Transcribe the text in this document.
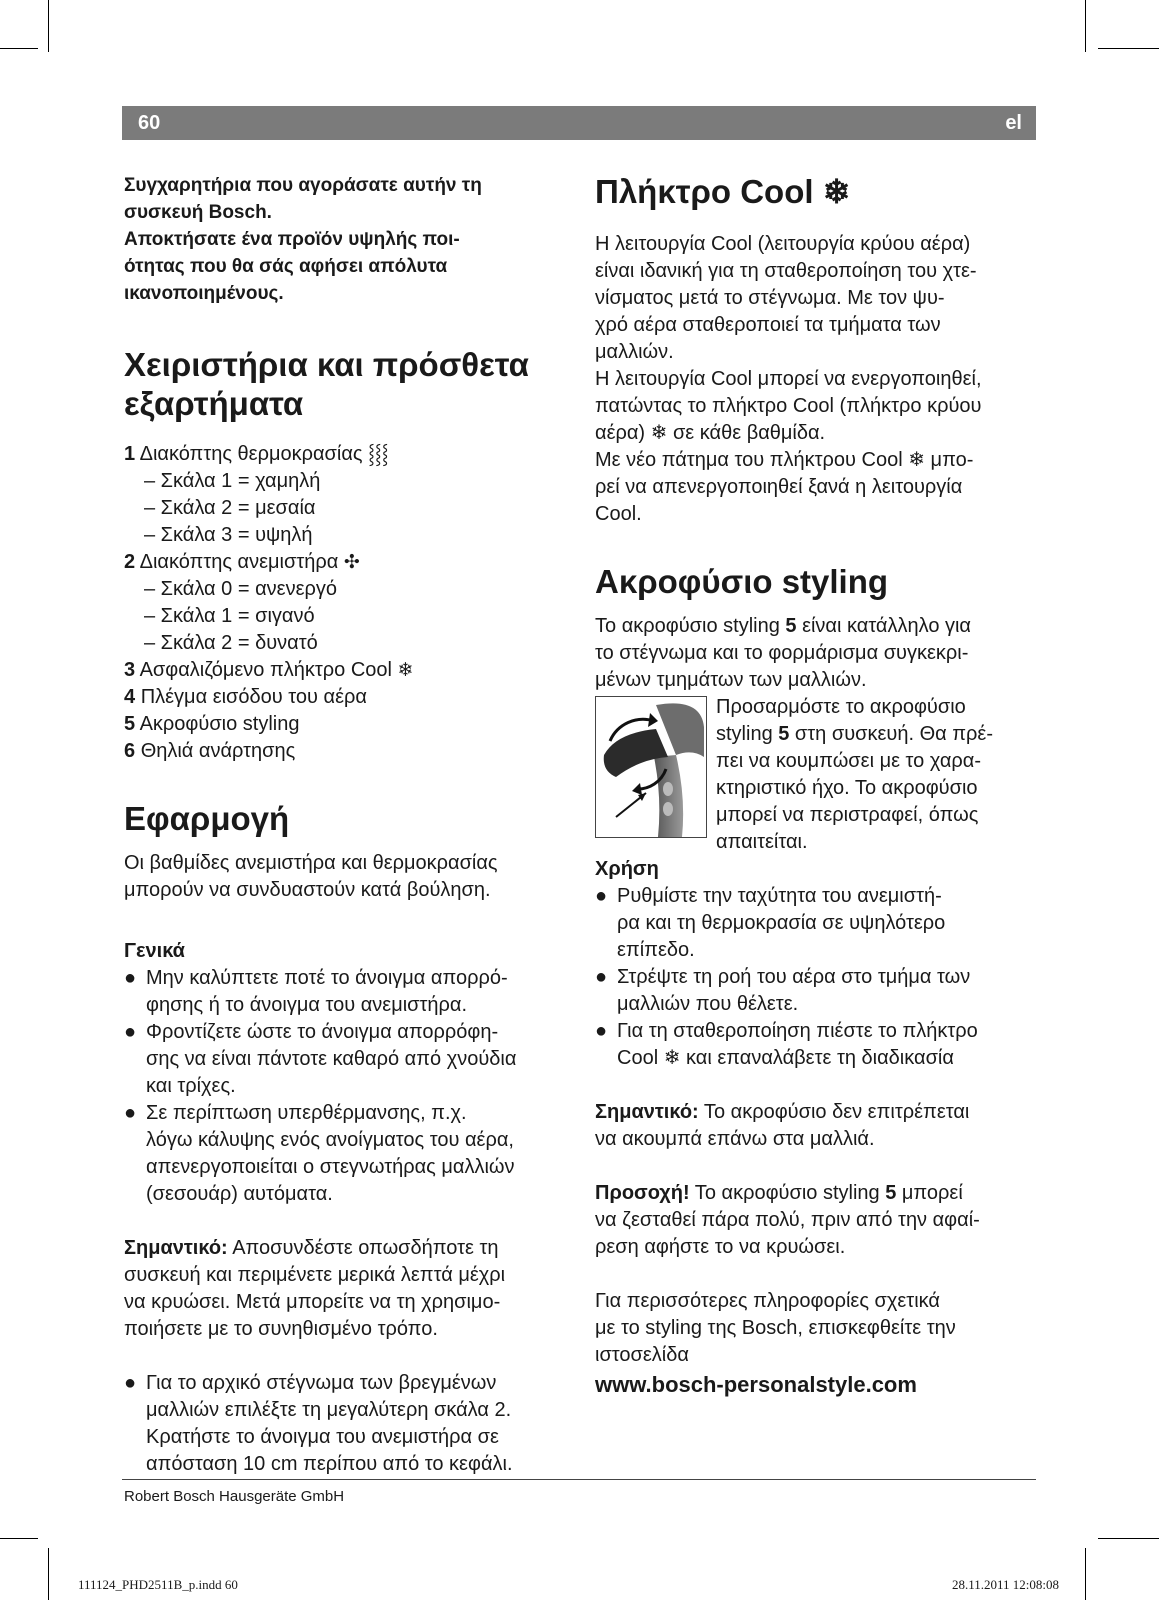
60	el

Συγχαρητήρια που αγοράσατε αυτήν τη

συσκευή Bosch.

Αποκτήσατε ένα προϊόν υψηλής ποι-

ότητας που θα σάς αφήσει απόλυτα

ικανοποιημένους.

Χειριστήρια και πρόσθετα
εξαρτήματα

1 Διακόπτης θερμοκρασίας ⸾⸾⸾

– Σκάλα 1 = χαμηλή

– Σκάλα 2 = μεσαία

– Σκάλα 3 = υψηλή

2 Διακόπτης ανεμιστήρα ✣

– Σκάλα 0 = ανενεργό

– Σκάλα 1 = σιγανό

– Σκάλα 2 = δυνατό

3 Ασφαλιζόμενο πλήκτρο Cool ❄

4 Πλέγμα εισόδου του αέρα

5 Ακροφύσιο styling

6 Θηλιά ανάρτησης

Εφαρμογή

Οι βαθμίδες ανεμιστήρα και θερμοκρασίας

μπορούν να συνδυαστούν κατά βούληση.

Γενικά

● Μην καλύπτετε ποτέ το άνοιγμα απορρό-

φησης ή το άνοιγμα του ανεμιστήρα.

● Φροντίζετε ώστε το άνοιγμα απορρόφη-

σης να είναι πάντοτε καθαρό από χνούδια

και τρίχες.

● Σε περίπτωση υπερθέρμανσης, π.χ.

λόγω κάλυψης ενός ανοίγματος του αέρα,

απενεργοποιείται ο στεγνωτήρας μαλλιών

(σεσουάρ) αυτόματα.

Σημαντικό: Αποσυνδέστε οπωσδήποτε τη

συσκευή και περιμένετε μερικά λεπτά μέχρι

να κρυώσει. Μετά μπορείτε να τη χρησιμο-

ποιήσετε με το συνηθισμένο τρόπο.

● Για το αρχικό στέγνωμα των βρεγμένων

μαλλιών επιλέξτε τη μεγαλύτερη σκάλα 2.

Κρατήστε το άνοιγμα του ανεμιστήρα σε

απόσταση 10 cm περίπου από το κεφάλι.

Πλήκτρο Cool ❄

Η λειτουργία Cool (λειτουργία κρύου αέρα)

είναι ιδανική για τη σταθεροποίηση του χτε-

νίσματος μετά το στέγνωμα. Με τον ψυ-

χρό αέρα σταθεροποιεί τα τμήματα των

μαλλιών.

Η λειτουργία Cool μπορεί να ενεργοποιηθεί,

πατώντας το πλήκτρο Cool (πλήκτρο κρύου

αέρα) ❄ σε κάθε βαθμίδα.

Με νέο πάτημα του πλήκτρου Cool ❄ μπο-

ρεί να απενεργοποιηθεί ξανά η λειτουργία

Cool.

Ακροφύσιο styling

Το ακροφύσιο styling 5 είναι κατάλληλο για

το στέγνωμα και το φορμάρισμα συγκεκρι-

μένων τμημάτων των μαλλιών.

Προσαρμόστε το ακροφύσιο

styling 5 στη συσκευή. Θα πρέ-

πει να κουμπώσει με το χαρα-

κτηριστικό ήχο. Το ακροφύσιο

μπορεί να περιστραφεί, όπως

απαιτείται.

Χρήση

● Ρυθμίστε την ταχύτητα του ανεμιστή-

ρα και τη θερμοκρασία σε υψηλότερο

επίπεδο.

● Στρέψτε τη ροή του αέρα στο τμήμα των

μαλλιών που θέλετε.

● Για τη σταθεροποίηση πιέστε το πλήκτρο

Cool ❄ και επαναλάβετε τη διαδικασία

Σημαντικό: Το ακροφύσιο δεν επιτρέπεται

να ακουμπά επάνω στα μαλλιά.

Προσοχή! Το ακροφύσιο styling 5 μπορεί

να ζεσταθεί πάρα πολύ, πριν από την αφαί-

ρεση αφήστε το να κρυώσει.

Για περισσότερες πληροφορίες σχετικά

με το styling της Bosch, επισκεφθείτε την

ιστοσελίδα

www.bosch-personalstyle.com

Robert Bosch Hausgeräte GmbH
111124_PHD2511B_p.indd 60	28.11.2011 12:08:08
